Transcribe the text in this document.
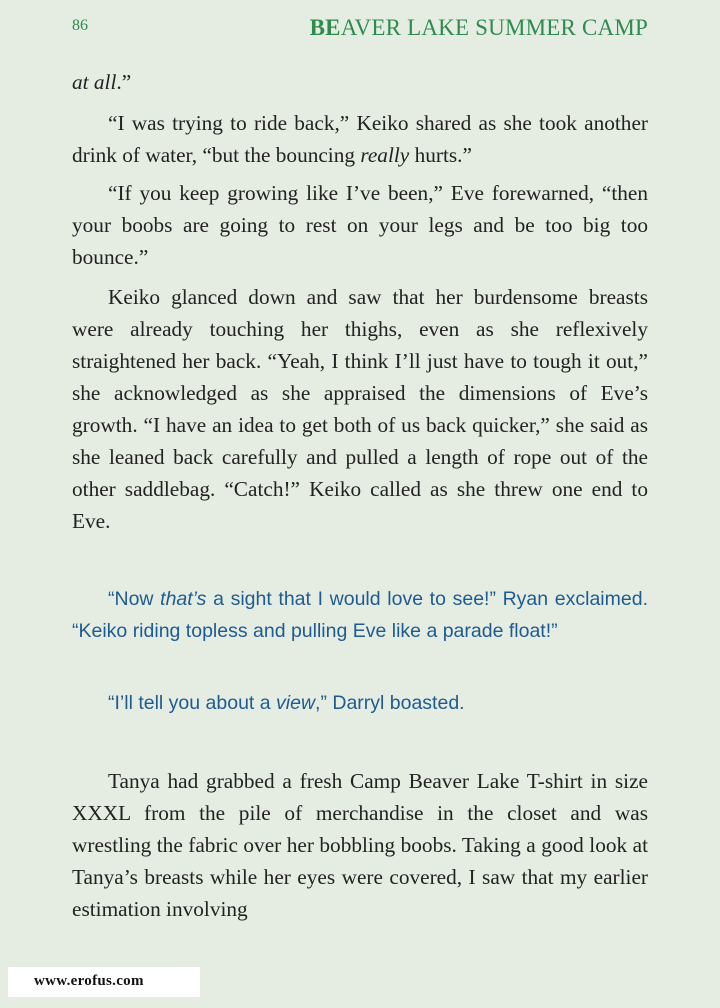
86	BEAVER LAKE SUMMER CAMP

at all.”

“I was trying to ride back,” Keiko shared as she took another drink of water, “but the bouncing really hurts.”

“If you keep growing like I’ve been,” Eve forewarned, “then your boobs are going to rest on your legs and be too big too bounce.”

Keiko glanced down and saw that her burdensome breasts were already touching her thighs, even as she reflexively straightened her back. “Yeah, I think I’ll just have to tough it out,” she acknowledged as she appraised the dimensions of Eve’s growth. “I have an idea to get both of us back quicker,” she said as she leaned back carefully and pulled a length of rope out of the other saddlebag. “Catch!” Keiko called as she threw one end to Eve.

“Now that’s a sight that I would love to see!” Ryan exclaimed. “Keiko riding topless and pulling Eve like a parade float!”

“I’ll tell you about a view,” Darryl boasted.

Tanya had grabbed a fresh Camp Beaver Lake T-shirt in size XXXL from the pile of merchandise in the closet and was wrestling the fabric over her bobbling boobs. Taking a good look at Tanya’s breasts while her eyes were covered, I saw that my earlier estimation involving

www.erofus.com
